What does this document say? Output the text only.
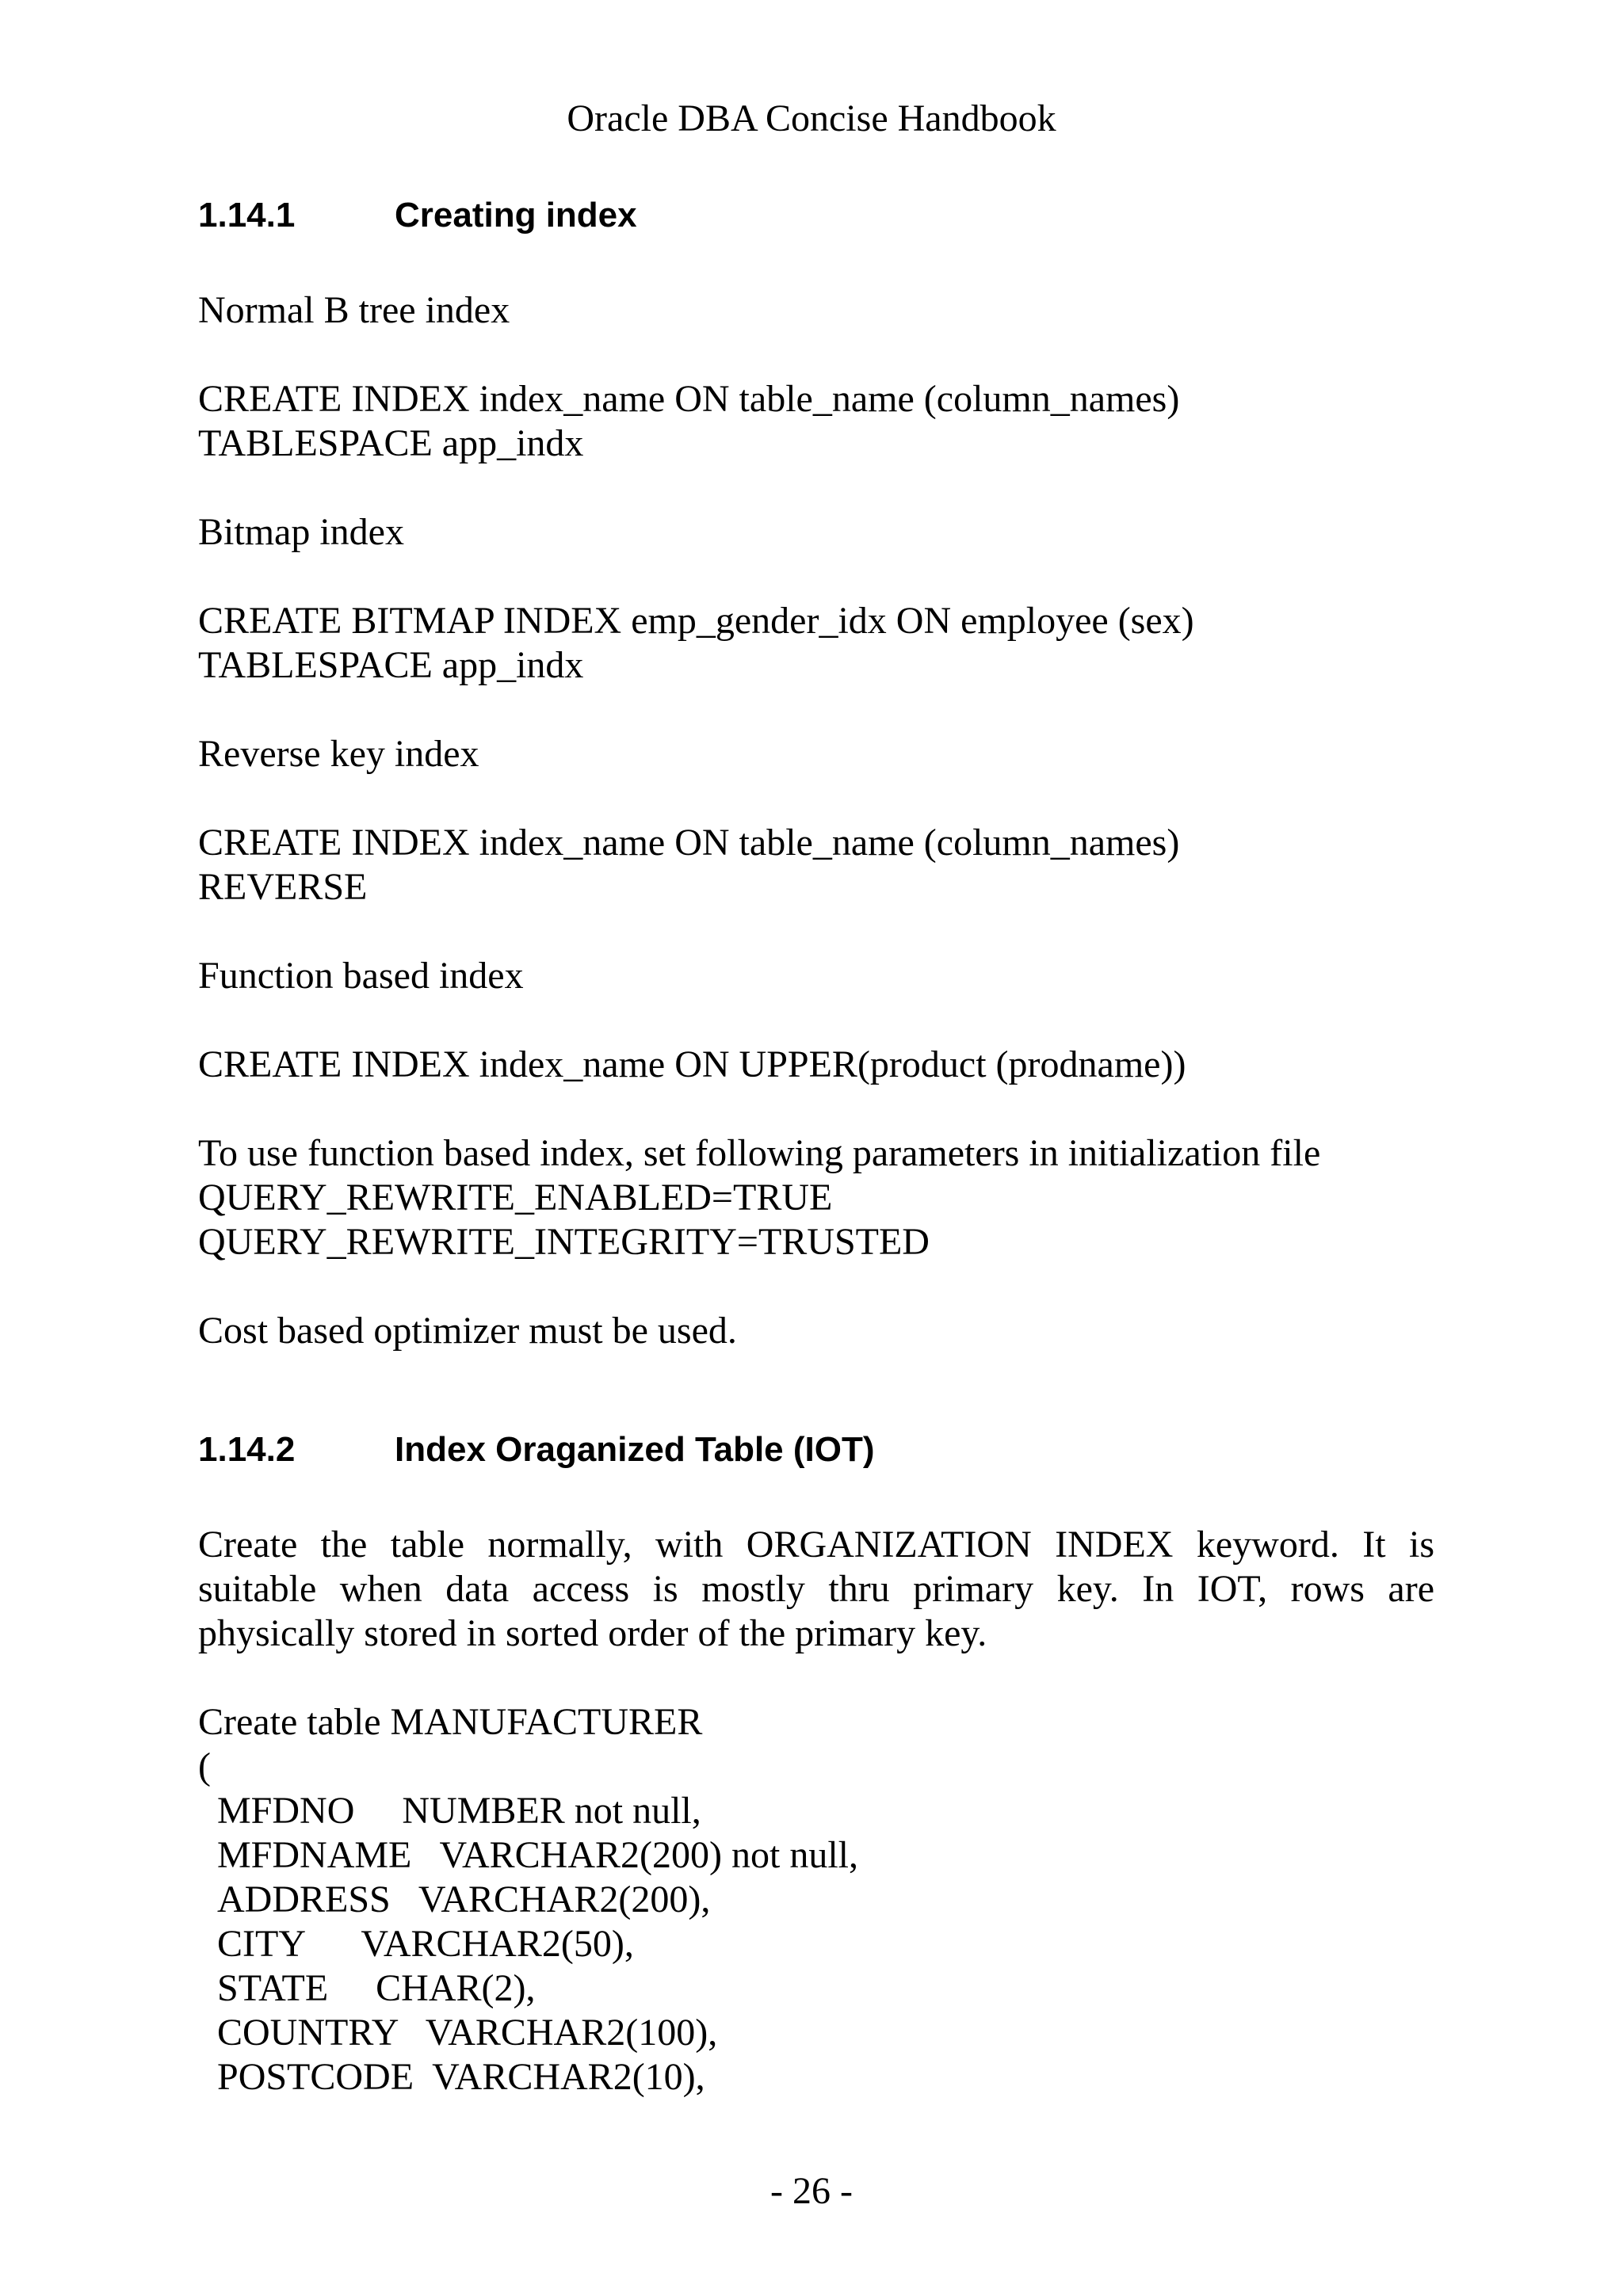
Oracle DBA Concise Handbook
1.14.1	Creating index
Normal B tree index
CREATE INDEX index_name ON table_name (column_names)
TABLESPACE app_indx
Bitmap index
CREATE BITMAP INDEX emp_gender_idx ON employee (sex)
TABLESPACE app_indx
Reverse key index
CREATE INDEX index_name ON table_name (column_names)
REVERSE
Function based index
CREATE INDEX index_name ON UPPER(product (prodname))
To use function based index, set following parameters in initialization file
QUERY_REWRITE_ENABLED=TRUE
QUERY_REWRITE_INTEGRITY=TRUSTED
Cost based optimizer must be used.
1.14.2	Index Oraganized Table (IOT)
Create the table normally, with ORGANIZATION INDEX keyword. It is
suitable when data access is mostly thru primary key. In IOT, rows are
physically stored in sorted order of the primary key.
Create table MANUFACTURER
(
MFDNO     NUMBER not null,
MFDNAME   VARCHAR2(200) not null,
ADDRESS   VARCHAR2(200),
CITY      VARCHAR2(50),
STATE     CHAR(2),
COUNTRY   VARCHAR2(100),
POSTCODE  VARCHAR2(10),
- 26 -
